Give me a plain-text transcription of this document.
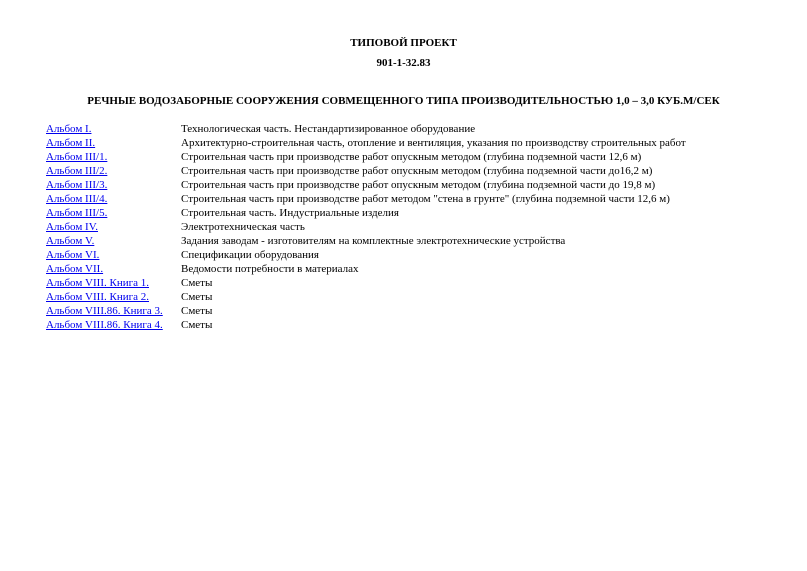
ТИПОВОЙ ПРОЕКТ
901-1-32.83
РЕЧНЫЕ ВОДОЗАБОРНЫЕ СООРУЖЕНИЯ СОВМЕЩЕННОГО ТИПА ПРОИЗВОДИТЕЛЬНОСТЬЮ 1,0 – 3,0 КУБ.М/СЕК
Альбом I.	Технологическая часть. Нестандартизированное оборудование
Альбом II.	Архитектурно-строительная часть, отопление и вентиляция, указания по производству строительных работ
Альбом III/1.	Строительная часть при производстве работ опускным методом (глубина подземной части 12,6 м)
Альбом III/2.	Строительная часть при производстве работ опускным методом (глубина подземной части до16,2 м)
Альбом III/3.	Строительная часть при производстве работ опускным методом (глубина подземной части до 19,8 м)
Альбом III/4.	Строительная часть при производстве работ методом "стена в грунте" (глубина подземной части 12,6 м)
Альбом III/5.	Строительная часть. Индустриальные изделия
Альбом IV.	Электротехническая часть
Альбом V.	Задания заводам - изготовителям на комплектные электротехнические устройства
Альбом VI.	Спецификации оборудования
Альбом VII.	Ведомости потребности в материалах
Альбом VIII. Книга 1.	Сметы
Альбом VIII. Книга 2.	Сметы
Альбом VIII.86. Книга 3.	Сметы
Альбом VIII.86. Книга 4.	Сметы
